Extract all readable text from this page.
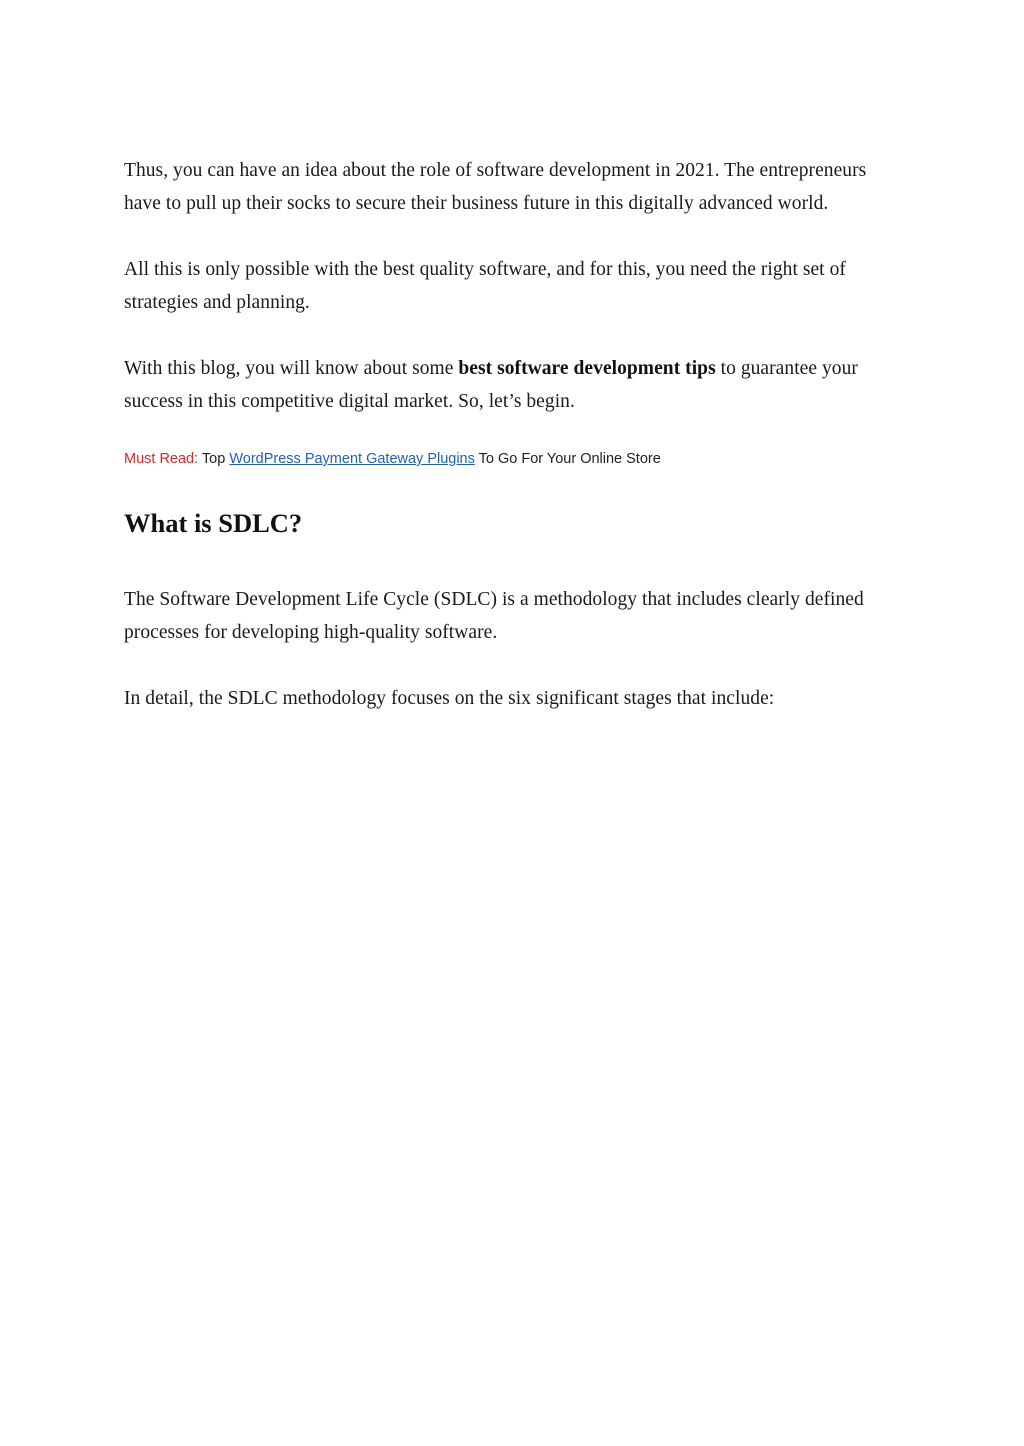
Thus, you can have an idea about the role of software development in 2021. The entrepreneurs have to pull up their socks to secure their business future in this digitally advanced world.

All this is only possible with the best quality software, and for this, you need the right set of strategies and planning.

With this blog, you will know about some best software development tips to guarantee your success in this competitive digital market. So, let’s begin.

Must Read: Top WordPress Payment Gateway Plugins To Go For Your Online Store
What is SDLC?

The Software Development Life Cycle (SDLC) is a methodology that includes clearly defined processes for developing high-quality software.

In detail, the SDLC methodology focuses on the six significant stages that include:
